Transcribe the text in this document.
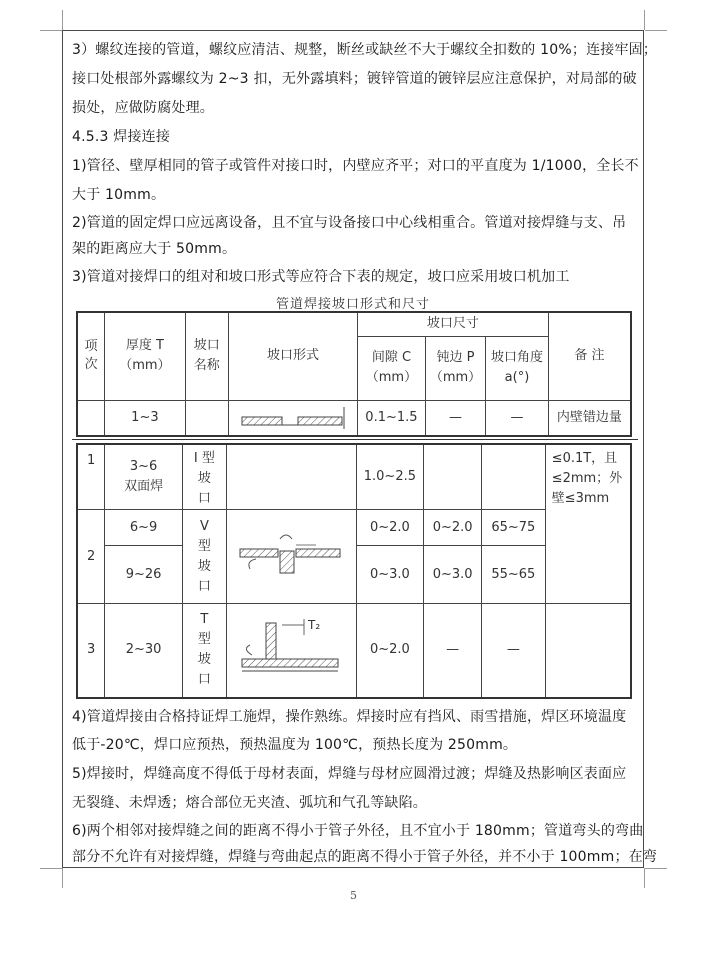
3）螺纹连接的管道，螺纹应清洁、规整，断丝或缺丝不大于螺纹全扣数的 10%；连接牢固；
接口处根部外露螺纹为 2~3 扣，无外露填料；镀锌管道的镀锌层应注意保护，对局部的破
损处，应做防腐处理。
4.5.3 焊接连接
1)管径、壁厚相同的管子或管件对接口时，内壁应齐平；对口的平直度为 1/1000，全长不
大于 10mm。
2)管道的固定焊口应远离设备，且不宜与设备接口中心线相重合。管道对接焊缝与支、吊
架的距离应大于 50mm。
3)管道对接焊口的组对和坡口形式等应符合下表的规定，坡口应采用坡口机加工
管道焊接坡口形式和尺寸
项次	厚度 T（mm）	坡口名称	坡口形式	坡口尺寸			备 注
				间隙 C（mm）	钝边 P（mm）	坡口角度 a(°)	
	1~3			0.1~1.5	—	—	内壁错边量
1	3~6 双面焊	I 型坡口		1.0~2.5			≤0.1T，且≤2mm；外壁≤3mm
2	6~9	V 型坡口		0~2.0	0~2.0	65~75	
	9~26			0~3.0	0~3.0	55~65	
3	2~30	T 型坡口	T₂	0~2.0	—	—	
4)管道焊接由合格持证焊工施焊，操作熟练。焊接时应有挡风、雨雪措施，焊区环境温度
低于-20℃，焊口应预热，预热温度为 100℃，预热长度为 250mm。
5)焊接时，焊缝高度不得低于母材表面，焊缝与母材应圆滑过渡；焊缝及热影响区表面应
无裂缝、未焊透；熔合部位无夹渣、弧坑和气孔等缺陷。
6)两个相邻对接焊缝之间的距离不得小于管子外径，且不宜小于 180mm；管道弯头的弯曲
部分不允许有对接焊缝，焊缝与弯曲起点的距离不得小于管子外径，并不小于 100mm；在弯
5
